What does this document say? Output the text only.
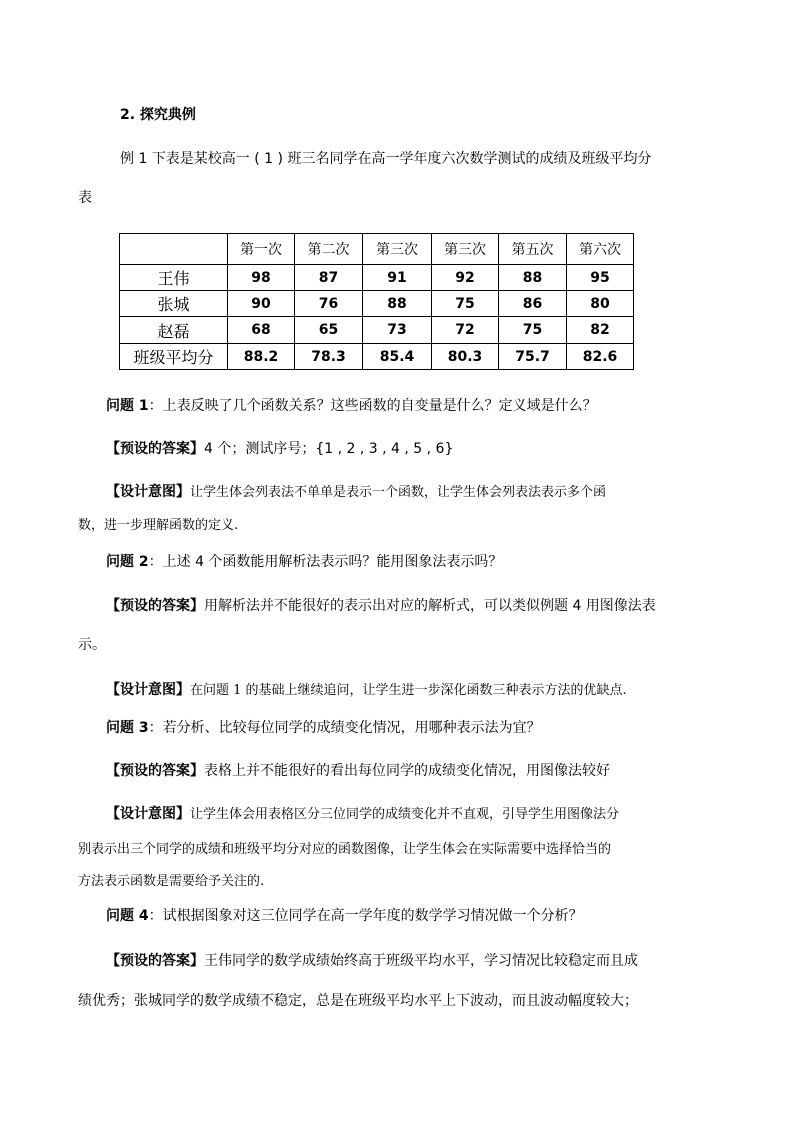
2. 探究典例
例 1 下表是某校高一 ( 1 ) 班三名同学在高一学年度六次数学测试的成绩及班级平均分
表
	第一次	第二次	第三次	第三次	第五次	第六次
王伟	98	87	91	92	88	95
张城	90	76	88	75	86	80
赵磊	68	65	73	72	75	82
班级平均分	88.2	78.3	85.4	80.3	75.7	82.6
问题 1：上表反映了几个函数关系？这些函数的自变量是什么？定义域是什么？
【预设的答案】4 个；测试序号；{1 , 2 , 3 , 4 , 5 , 6}
【设计意图】让学生体会列表法不单单是表示一个函数，让学生体会列表法表示多个函
数，进一步理解函数的定义.
问题 2：上述 4 个函数能用解析法表示吗？能用图象法表示吗？
【预设的答案】用解析法并不能很好的表示出对应的解析式，可以类似例题 4 用图像法表
示。
【设计意图】在问题 1 的基础上继续追问，让学生进一步深化函数三种表示方法的优缺点.
问题 3：若分析、比较每位同学的成绩变化情况，用哪种表示法为宜？
【预设的答案】表格上并不能很好的看出每位同学的成绩变化情况，用图像法较好
【设计意图】让学生体会用表格区分三位同学的成绩变化并不直观，引导学生用图像法分
别表示出三个同学的成绩和班级平均分对应的函数图像，让学生体会在实际需要中选择恰当的
方法表示函数是需要给予关注的.
问题 4：试根据图象对这三位同学在高一学年度的数学学习情况做一个分析？
【预设的答案】王伟同学的数学成绩始终高于班级平均水平，学习情况比较稳定而且成
绩优秀；张城同学的数学成绩不稳定，总是在班级平均水平上下波动，而且波动幅度较大；
